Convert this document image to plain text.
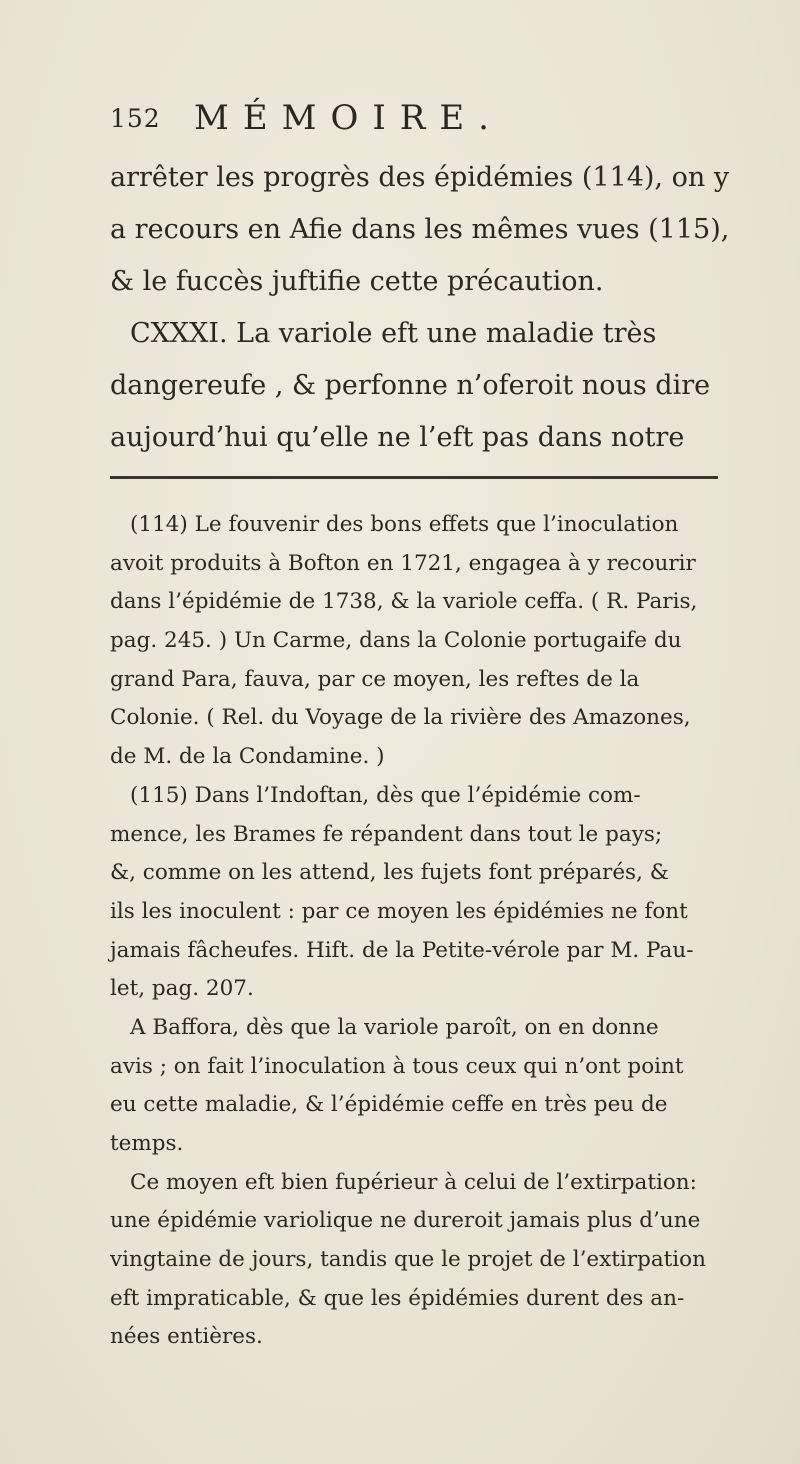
152 MÉMOIRE.
arrêter les progrès des épidémies (114), on y
a recours en Afie dans les mêmes vues (115),
& le fuccès juftifie cette précaution.
CXXXI. La variole eft une maladie très
dangereufe , & perfonne n’oferoit nous dire
aujourd’hui qu’elle ne l’eft pas dans notre
(114) Le fouvenir des bons effets que l’inoculation
avoit produits à Bofton en 1721, engagea à y recourir
dans l’épidémie de 1738, & la variole ceffa. ( R. Paris,
pag. 245. ) Un Carme, dans la Colonie portugaife du
grand Para, fauva, par ce moyen, les reftes de la
Colonie. ( Rel. du Voyage de la rivière des Amazones,
de M. de la Condamine. )
(115) Dans l’Indoftan, dès que l’épidémie com-
mence, les Brames fe répandent dans tout le pays;
&, comme on les attend, les fujets font préparés, &
ils les inoculent : par ce moyen les épidémies ne font
jamais fâcheufes. Hift. de la Petite-vérole par M. Pau-
let, pag. 207.
A Baffora, dès que la variole paroît, on en donne
avis ; on fait l’inoculation à tous ceux qui n’ont point
eu cette maladie, & l’épidémie ceffe en très peu de
temps.
Ce moyen eft bien fupérieur à celui de l’extirpation:
une épidémie variolique ne dureroit jamais plus d’une
vingtaine de jours, tandis que le projet de l’extirpation
eft impraticable, & que les épidémies durent des an-
nées entières.
